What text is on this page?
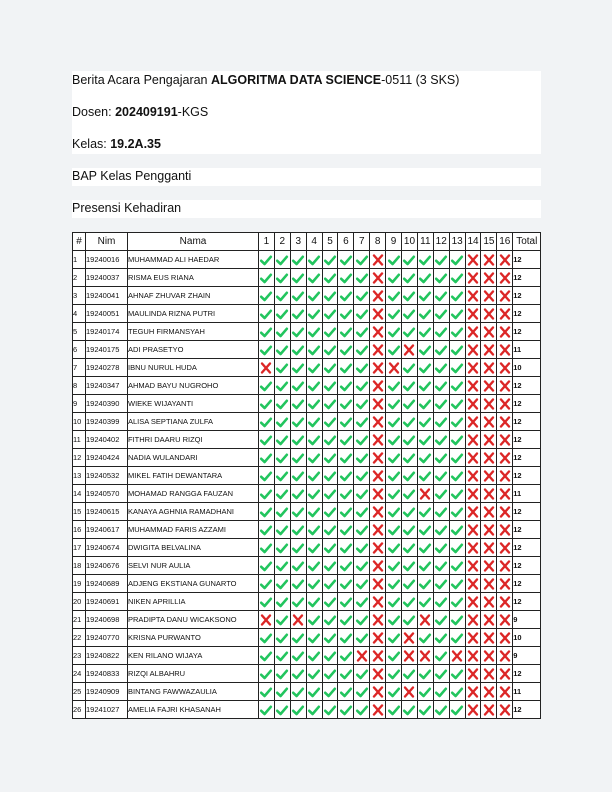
Berita Acara Pengajaran ALGORITMA DATA SCIENCE-0511 (3 SKS)
Dosen: 202409191-KGS
Kelas: 19.2A.35
BAP Kelas Pengganti
Presensi Kehadiran
#	Nim	Nama	1	2	3	4	5	6	7	8	9	10	11	12	13	14	15	16	Total
1	19240016	MUHAMMAD ALI HAEDAR																	12
2	19240037	RISMA EUS RIANA																	12
3	19240041	AHNAF ZHUVAR ZHAIN																	12
4	19240051	MAULINDA RIZNA PUTRI																	12
5	19240174	TEGUH FIRMANSYAH																	12
6	19240175	ADI PRASETYO																	11
7	19240278	IBNU NURUL HUDA																	10
8	19240347	AHMAD BAYU NUGROHO																	12
9	19240390	WIEKE WIJAYANTI																	12
10	19240399	ALISA SEPTIANA ZULFA																	12
11	19240402	FITHRI DAARU RIZQI																	12
12	19240424	NADIA WULANDARI																	12
13	19240532	MIKEL FATIH DEWANTARA																	12
14	19240570	MOHAMAD RANGGA FAUZAN																	11
15	19240615	KANAYA AGHNIA RAMADHANI																	12
16	19240617	MUHAMMAD FARIS AZZAMI																	12
17	19240674	DWIGITA BELVALINA																	12
18	19240676	SELVI NUR AULIA																	12
19	19240689	ADJENG EKSTIANA GUNARTO																	12
20	19240691	NIKEN APRILLIA																	12
21	19240698	PRADIPTA DANU WICAKSONO																	9
22	19240770	KRISNA PURWANTO																	10
23	19240822	KEN RILANO WIJAYA																	9
24	19240833	RIZQI ALBAHRU																	12
25	19240909	BINTANG FAWWAZAULIA																	11
26	19241027	AMELIA FAJRI KHASANAH																	12
